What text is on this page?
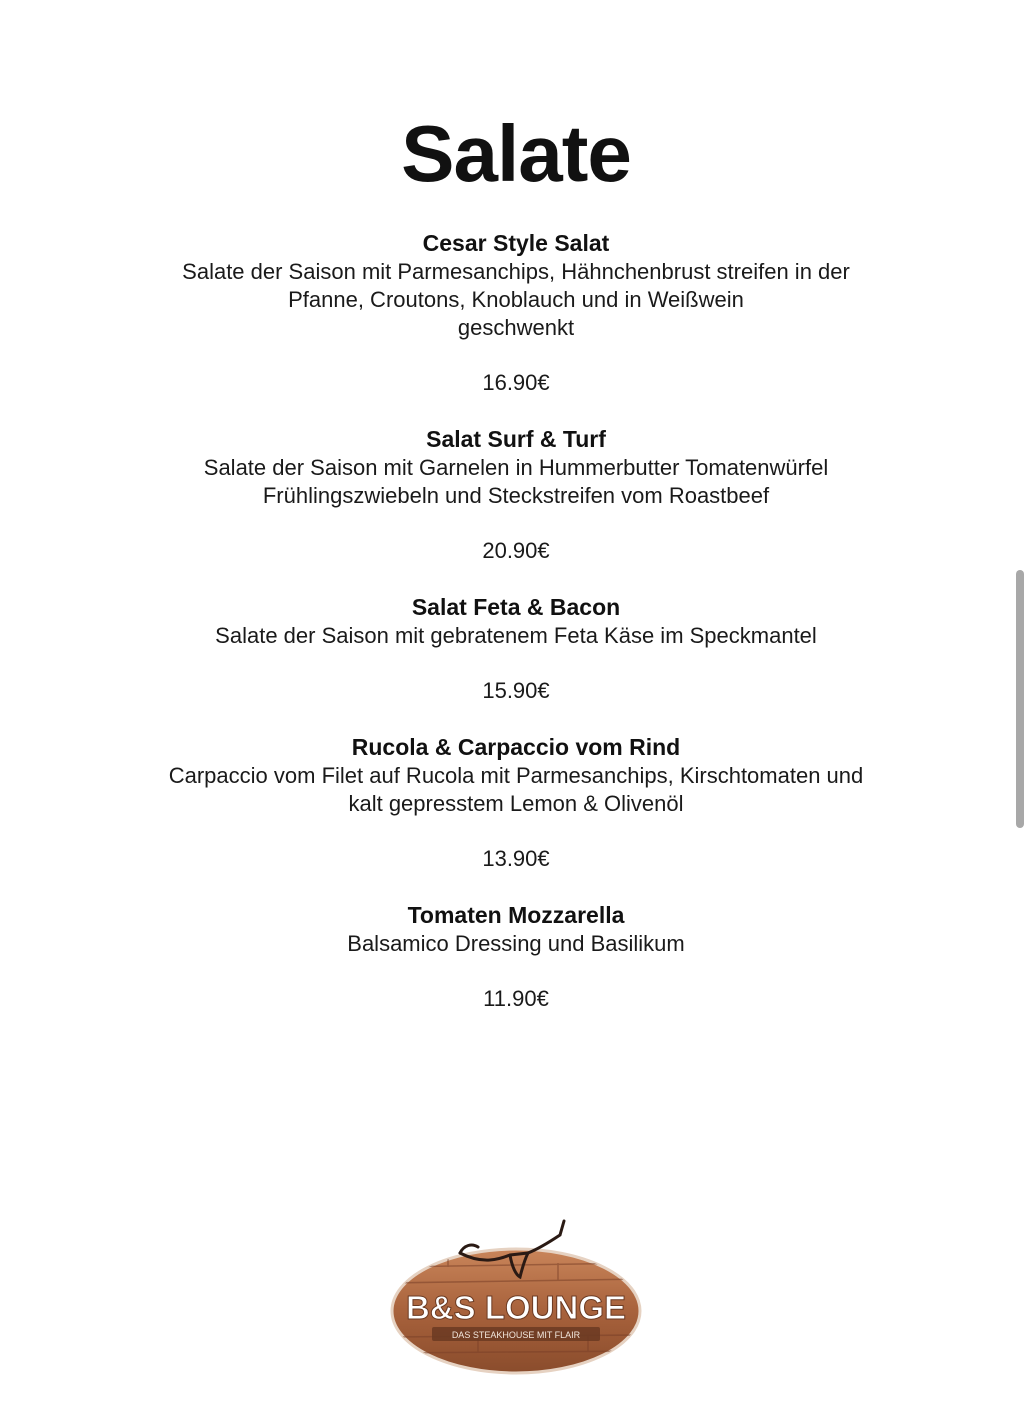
Salate
Cesar Style Salat
Salate der Saison mit Parmesanchips, Hähnchenbrust streifen in der
Pfanne, Croutons, Knoblauch und in Weißwein
geschwenkt
16.90€
Salat Surf & Turf
Salate der Saison mit Garnelen in Hummerbutter Tomatenwürfel
Frühlingszwiebeln und Steckstreifen vom Roastbeef
20.90€
Salat Feta & Bacon
Salate der Saison mit gebratenem Feta Käse im Speckmantel
15.90€
Rucola & Carpaccio vom Rind
Carpaccio vom Filet auf Rucola mit Parmesanchips, Kirschtomaten und
kalt gepresstem Lemon & Olivenöl
13.90€
Tomaten Mozzarella
Balsamico Dressing und Basilikum
11.90€
B&S LOUNGE
DAS STEAKHOUSE MIT FLAIR
